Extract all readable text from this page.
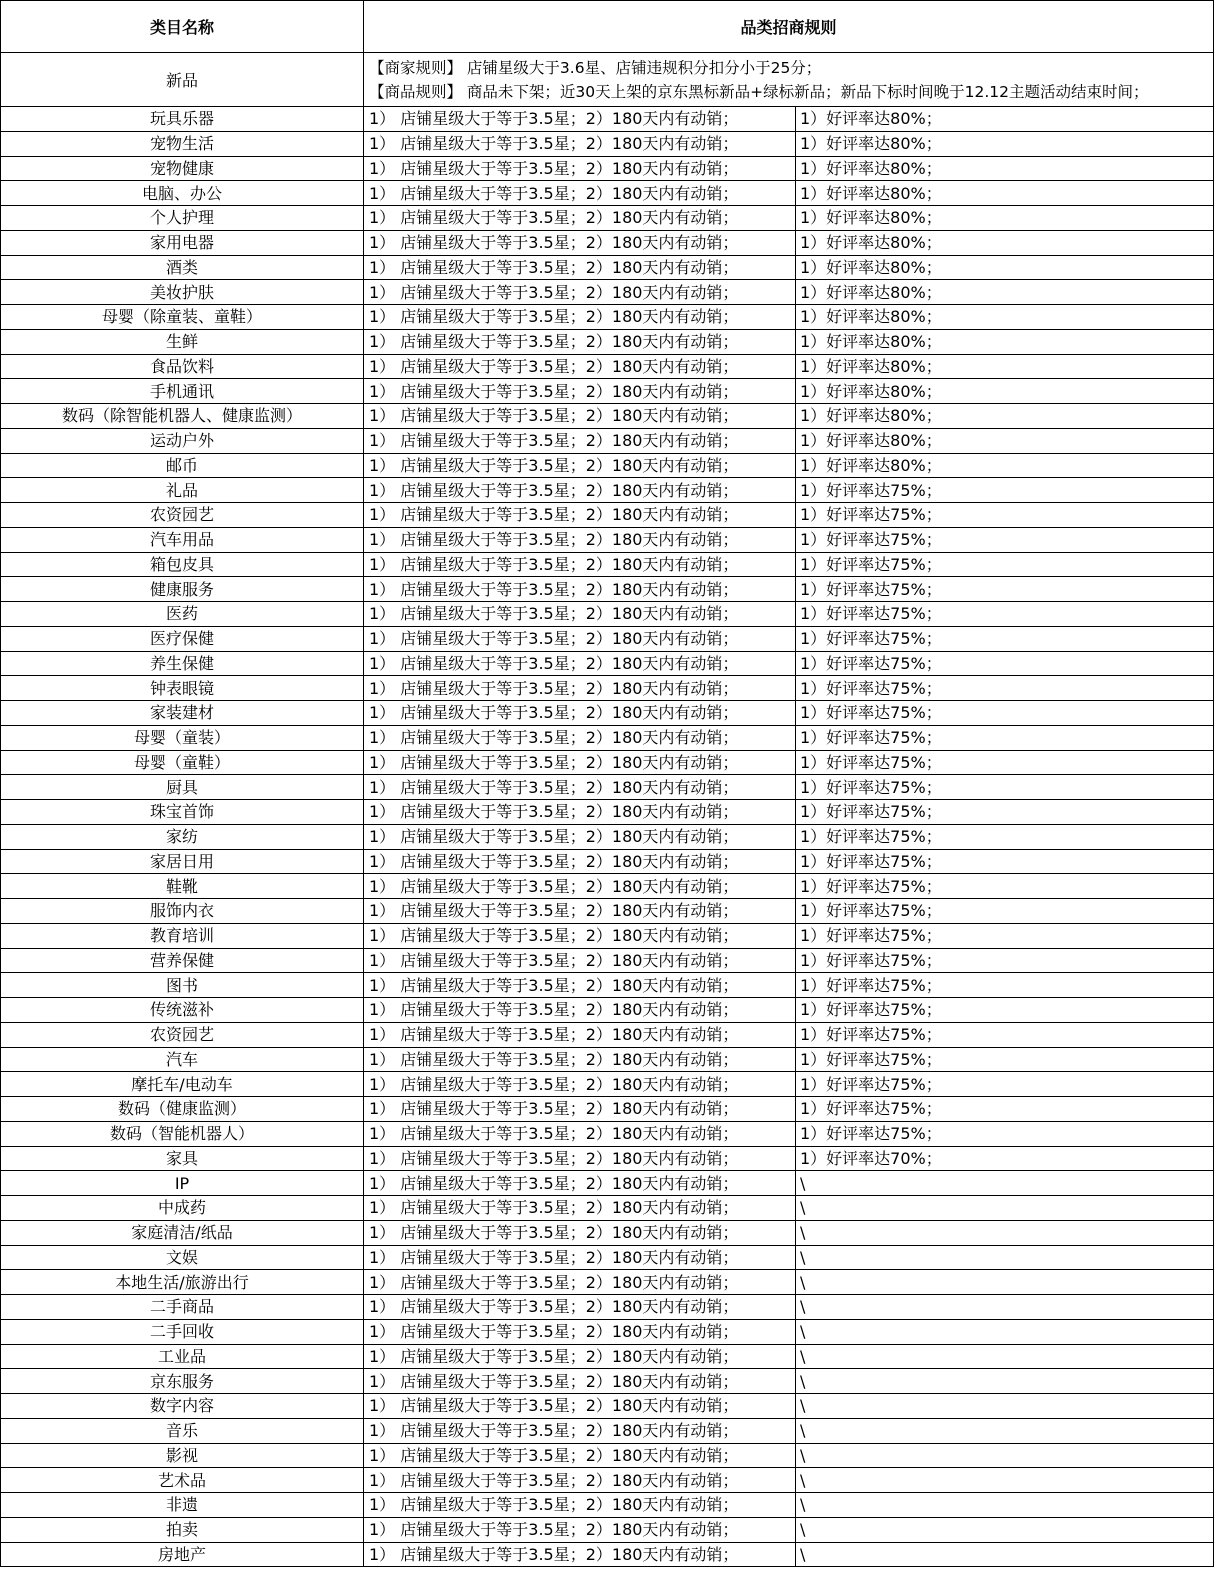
类目名称	品类招商规则	
新品	【商家规则】 店铺星级大于3.6星、店铺违规积分扣分小于25分；
【商品规则】 商品未下架；近30天上架的京东黑标新品+绿标新品；新品下标时间晚于12.12主题活动结束时间；	

玩具乐器	1） 店铺星级大于等于3.5星；2）180天内有动销；	1）好评率达80%；
宠物生活	1） 店铺星级大于等于3.5星；2）180天内有动销；	1）好评率达80%；
宠物健康	1） 店铺星级大于等于3.5星；2）180天内有动销；	1）好评率达80%；
电脑、办公	1） 店铺星级大于等于3.5星；2）180天内有动销；	1）好评率达80%；
个人护理	1） 店铺星级大于等于3.5星；2）180天内有动销；	1）好评率达80%；
家用电器	1） 店铺星级大于等于3.5星；2）180天内有动销；	1）好评率达80%；
酒类	1） 店铺星级大于等于3.5星；2）180天内有动销；	1）好评率达80%；
美妆护肤	1） 店铺星级大于等于3.5星；2）180天内有动销；	1）好评率达80%；
母婴（除童装、童鞋）	1） 店铺星级大于等于3.5星；2）180天内有动销；	1）好评率达80%；
生鲜	1） 店铺星级大于等于3.5星；2）180天内有动销；	1）好评率达80%；
食品饮料	1） 店铺星级大于等于3.5星；2）180天内有动销；	1）好评率达80%；
手机通讯	1） 店铺星级大于等于3.5星；2）180天内有动销；	1）好评率达80%；
数码（除智能机器人、健康监测）	1） 店铺星级大于等于3.5星；2）180天内有动销；	1）好评率达80%；
运动户外	1） 店铺星级大于等于3.5星；2）180天内有动销；	1）好评率达80%；
邮币	1） 店铺星级大于等于3.5星；2）180天内有动销；	1）好评率达80%；
礼品	1） 店铺星级大于等于3.5星；2）180天内有动销；	1）好评率达75%；
农资园艺	1） 店铺星级大于等于3.5星；2）180天内有动销；	1）好评率达75%；
汽车用品	1） 店铺星级大于等于3.5星；2）180天内有动销；	1）好评率达75%；
箱包皮具	1） 店铺星级大于等于3.5星；2）180天内有动销；	1）好评率达75%；
健康服务	1） 店铺星级大于等于3.5星；2）180天内有动销；	1）好评率达75%；
医药	1） 店铺星级大于等于3.5星；2）180天内有动销；	1）好评率达75%；
医疗保健	1） 店铺星级大于等于3.5星；2）180天内有动销；	1）好评率达75%；
养生保健	1） 店铺星级大于等于3.5星；2）180天内有动销；	1）好评率达75%；
钟表眼镜	1） 店铺星级大于等于3.5星；2）180天内有动销；	1）好评率达75%；
家装建材	1） 店铺星级大于等于3.5星；2）180天内有动销；	1）好评率达75%；
母婴（童装）	1） 店铺星级大于等于3.5星；2）180天内有动销；	1）好评率达75%；
母婴（童鞋）	1） 店铺星级大于等于3.5星；2）180天内有动销；	1）好评率达75%；
厨具	1） 店铺星级大于等于3.5星；2）180天内有动销；	1）好评率达75%；
珠宝首饰	1） 店铺星级大于等于3.5星；2）180天内有动销；	1）好评率达75%；
家纺	1） 店铺星级大于等于3.5星；2）180天内有动销；	1）好评率达75%；
家居日用	1） 店铺星级大于等于3.5星；2）180天内有动销；	1）好评率达75%；
鞋靴	1） 店铺星级大于等于3.5星；2）180天内有动销；	1）好评率达75%；
服饰内衣	1） 店铺星级大于等于3.5星；2）180天内有动销；	1）好评率达75%；
教育培训	1） 店铺星级大于等于3.5星；2）180天内有动销；	1）好评率达75%；
营养保健	1） 店铺星级大于等于3.5星；2）180天内有动销；	1）好评率达75%；
图书	1） 店铺星级大于等于3.5星；2）180天内有动销；	1）好评率达75%；
传统滋补	1） 店铺星级大于等于3.5星；2）180天内有动销；	1）好评率达75%；
农资园艺	1） 店铺星级大于等于3.5星；2）180天内有动销；	1）好评率达75%；
汽车	1） 店铺星级大于等于3.5星；2）180天内有动销；	1）好评率达75%；
摩托车/电动车	1） 店铺星级大于等于3.5星；2）180天内有动销；	1）好评率达75%；
数码（健康监测）	1） 店铺星级大于等于3.5星；2）180天内有动销；	1）好评率达75%；
数码（智能机器人）	1） 店铺星级大于等于3.5星；2）180天内有动销；	1）好评率达75%；
家具	1） 店铺星级大于等于3.5星；2）180天内有动销；	1）好评率达70%；
IP	1） 店铺星级大于等于3.5星；2）180天内有动销；	\
中成药	1） 店铺星级大于等于3.5星；2）180天内有动销；	\
家庭清洁/纸品	1） 店铺星级大于等于3.5星；2）180天内有动销；	\
文娱	1） 店铺星级大于等于3.5星；2）180天内有动销；	\
本地生活/旅游出行	1） 店铺星级大于等于3.5星；2）180天内有动销；	\
二手商品	1） 店铺星级大于等于3.5星；2）180天内有动销；	\
二手回收	1） 店铺星级大于等于3.5星；2）180天内有动销；	\
工业品	1） 店铺星级大于等于3.5星；2）180天内有动销；	\
京东服务	1） 店铺星级大于等于3.5星；2）180天内有动销；	\
数字内容	1） 店铺星级大于等于3.5星；2）180天内有动销；	\
音乐	1） 店铺星级大于等于3.5星；2）180天内有动销；	\
影视	1） 店铺星级大于等于3.5星；2）180天内有动销；	\
艺术品	1） 店铺星级大于等于3.5星；2）180天内有动销；	\
非遗	1） 店铺星级大于等于3.5星；2）180天内有动销；	\
拍卖	1） 店铺星级大于等于3.5星；2）180天内有动销；	\
房地产	1） 店铺星级大于等于3.5星；2）180天内有动销；	\
